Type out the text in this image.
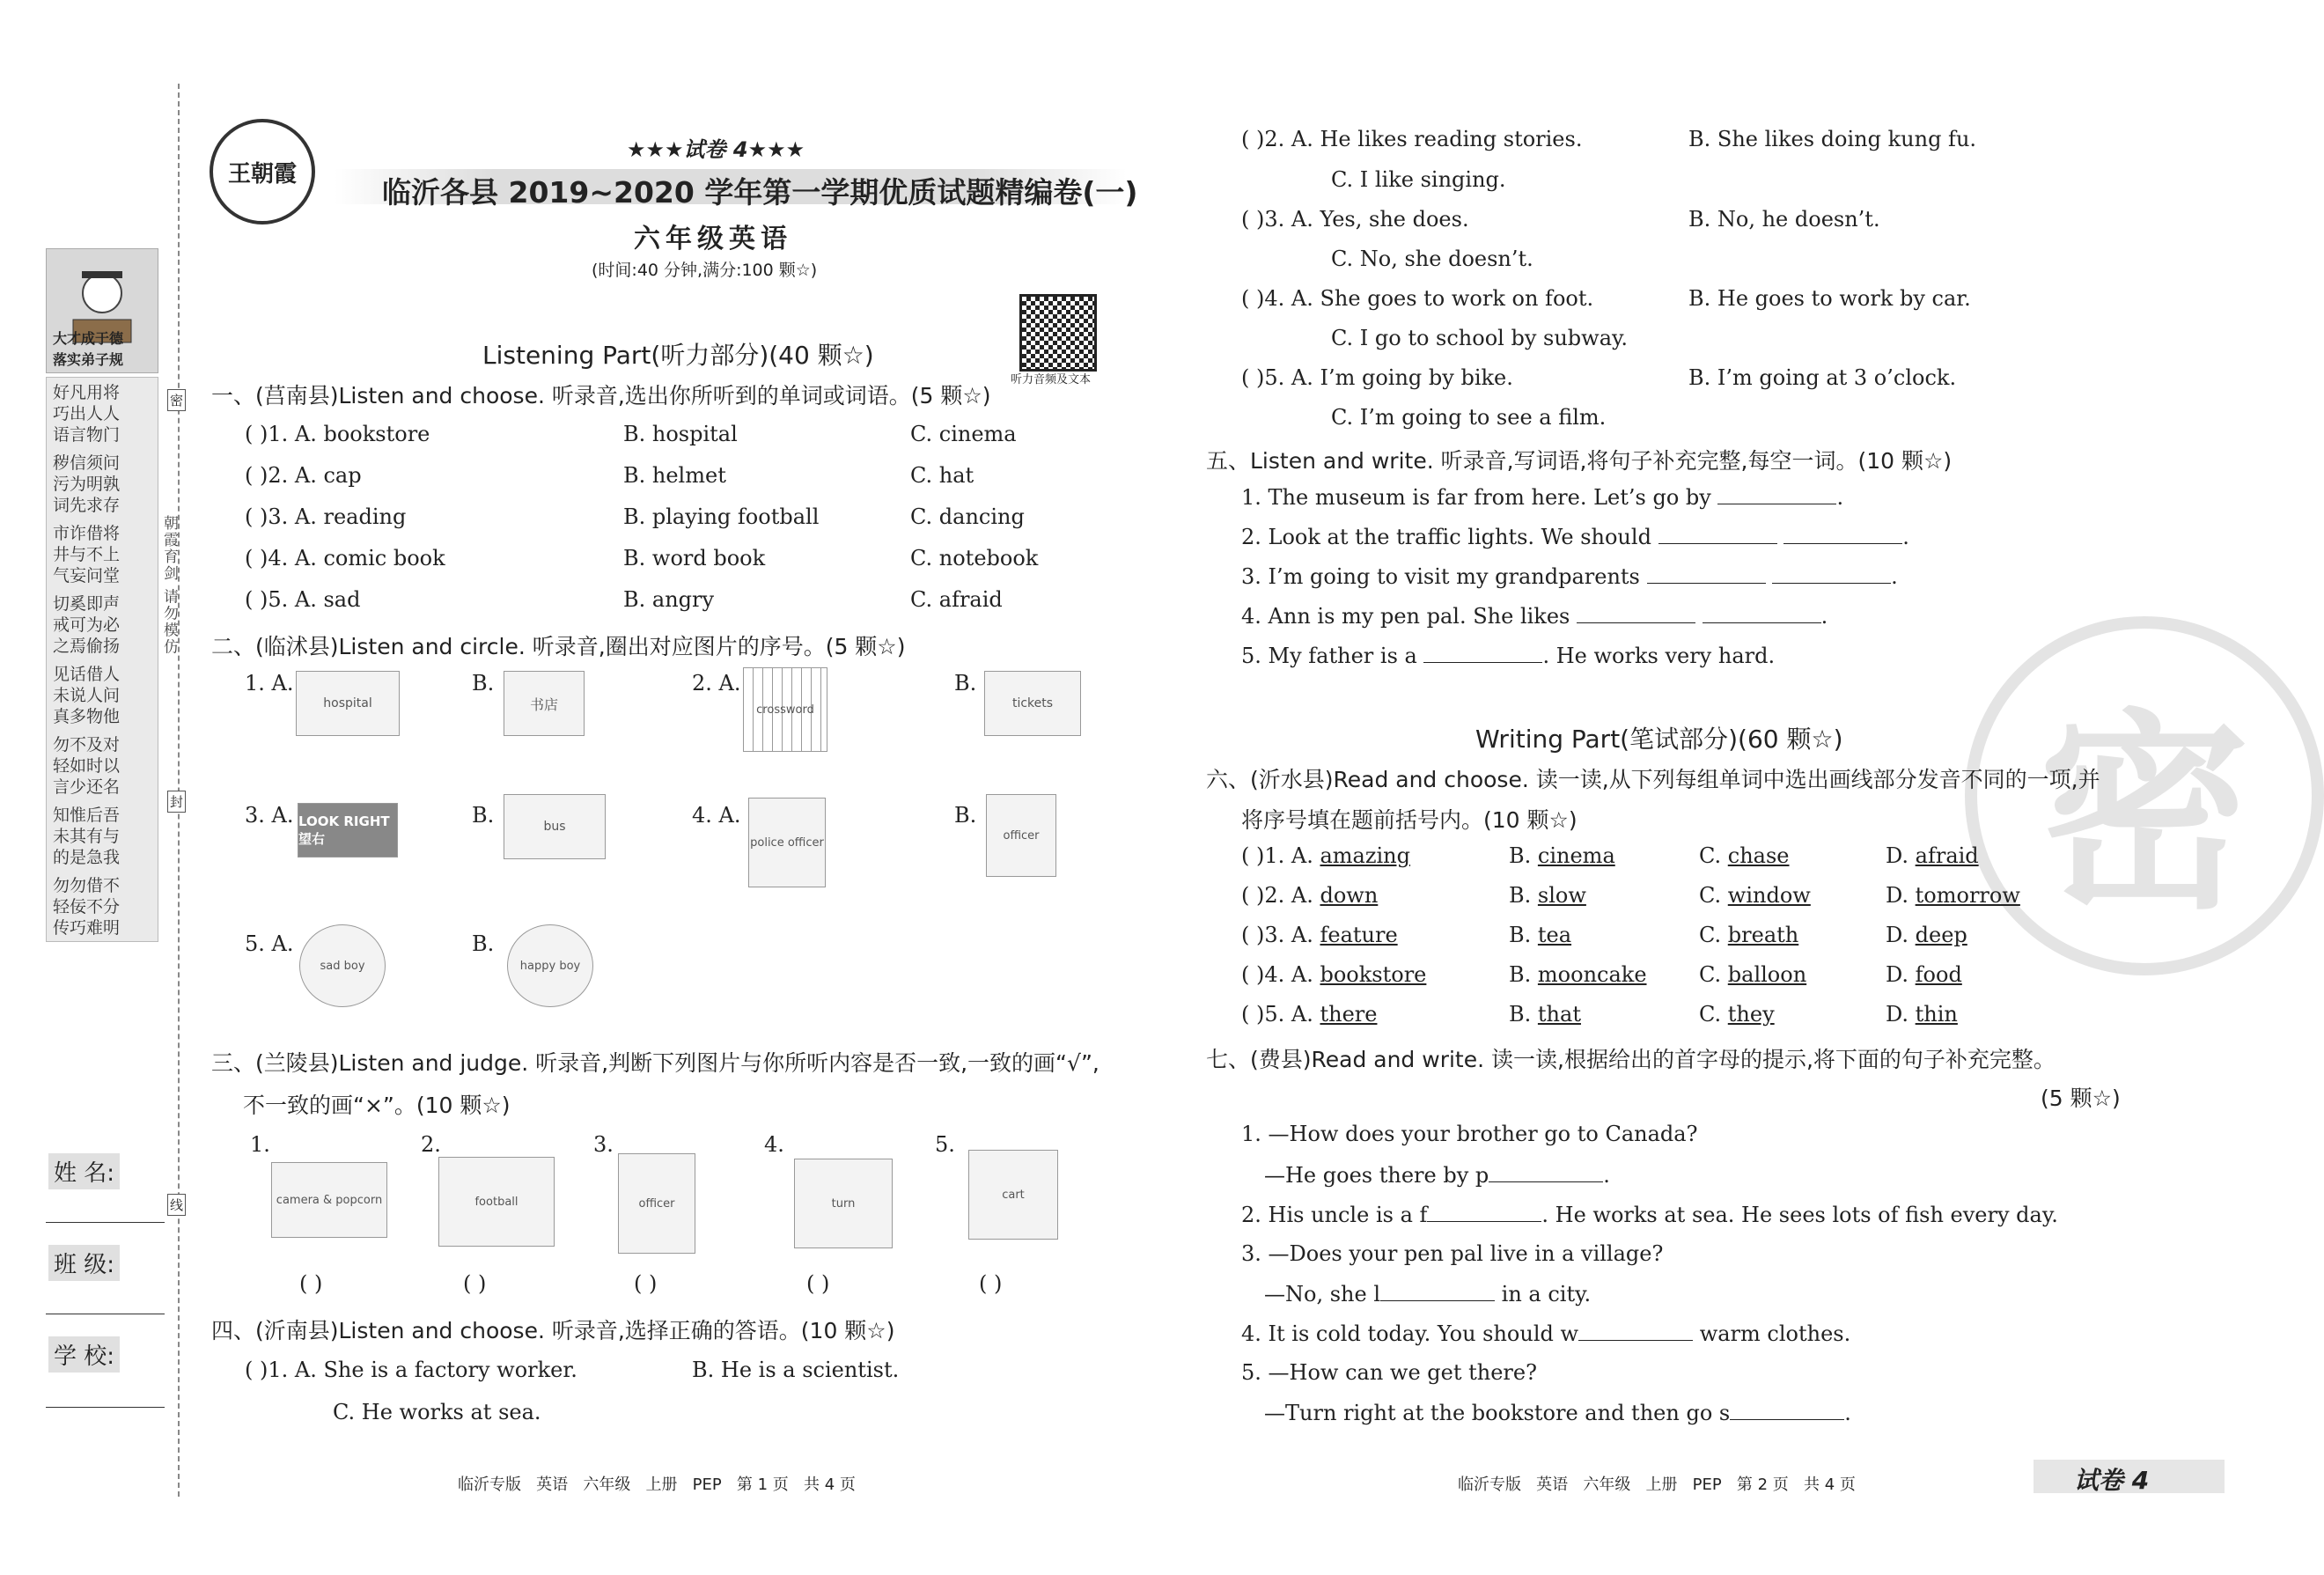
大才成于德
落实弟子规
好凡用将
巧出人人
语言物门
秽信须问
污为明孰
词先求存
市诈借将
井与不上
气妄问堂
切奚即声
戒可为必
之焉偷扬
见话借人
未说人问
真多物他
勿不及对
轻如时以
言少还名
知惟后吾
未其有与
的是急我
勿勿借不
轻佞不分
传巧难明
姓 名:
班 级:
学 校:
密
朝霞育剑 请勿模仿
封
线
王朝霞
★★★试卷 4★★★
临沂各县 2019~2020 学年第一学期优质试题精编卷(一)
六年级英语
(时间:40 分钟,满分:100 颗☆)
听力音频及文本
Listening Part(听力部分)(40 颗☆)
一、(莒南县)Listen and choose. 听录音,选出你所听到的单词或词语。(5 颗☆)
( )1. A. bookstore	B. hospital	C. cinema
( )2. A. cap	B. helmet	C. hat
( )3. A. reading	B. playing football	C. dancing
( )4. A. comic book	B. word book	C. notebook
( )5. A. sad	B. angry	C. afraid
二、(临沭县)Listen and circle. 听录音,圈出对应图片的序号。(5 颗☆)
1. A.
hospital
B.
书店
2. A.
crossword
B.
tickets
3. A. LOOK RIGHT 望右
B.	bus	4. A.
police officer
B.
officer
5. A.
sad boy
B.
happy boy
三、(兰陵县)Listen and judge. 听录音,判断下列图片与你所听内容是否一致,一致的画“√”,
不一致的画“×”。(10 颗☆)
1.	2.	3.	4.	5.
camera & popcorn	football	officer	turn
cart
( )	( )	( )	( )	( )
四、(沂南县)Listen and choose. 听录音,选择正确的答语。(10 颗☆)
( )1. A. She is a factory worker.	B. He is a scientist.
C. He works at sea.
临沂专版   英语   六年级   上册   PEP   第 1 页   共 4 页
密
( )2. A. He likes reading stories.	B. She likes doing kung fu.
C. I like singing.
( )3. A. Yes, she does.	B. No, he doesn’t.
C. No, she doesn’t.
( )4. A. She goes to work on foot.	B. He goes to work by car.
C. I go to school by subway.
( )5. A. I’m going by bike.	B. I’m going at 3 o’clock.
C. I’m going to see a film.
五、Listen and write. 听录音,写词语,将句子补充完整,每空一词。(10 颗☆)
1. The museum is far from here. Let’s go by	.
2. Look at the traffic lights. We should	.
3. I’m going to visit my grandparents	.
4. Ann is my pen pal. She likes	.
5. My father is a	. He works very hard.
Writing Part(笔试部分)(60 颗☆)
六、(沂水县)Read and choose. 读一读,从下列每组单词中选出画线部分发音不同的一项,并
将序号填在题前括号内。(10 颗☆)
( )1. A. amazing	B. cinema	C. chase	D. afraid
( )2. A. down	B. slow	C. window	D. tomorrow
( )3. A. feature	B. tea	C. breath	D. deep
( )4. A. bookstore	B. mooncake C. balloon	D. food
( )5. A. there	B. that	C. they	D. thin
七、(费县)Read and write. 读一读,根据给出的首字母的提示,将下面的句子补充完整。
(5 颗☆)
1. —How does your brother go to Canada?
—He goes there by p	.
2. His uncle is a f	. He works at sea. He sees lots of fish every day.
3. —Does your pen pal live in a village?
—No, she l	in a city.
4. It is cold today. You should w	warm clothes.
5. —How can we get there?
—Turn right at the bookstore and then go s	.
临沂专版   英语   六年级   上册   PEP   第 2 页   共 4 页	试卷 4
